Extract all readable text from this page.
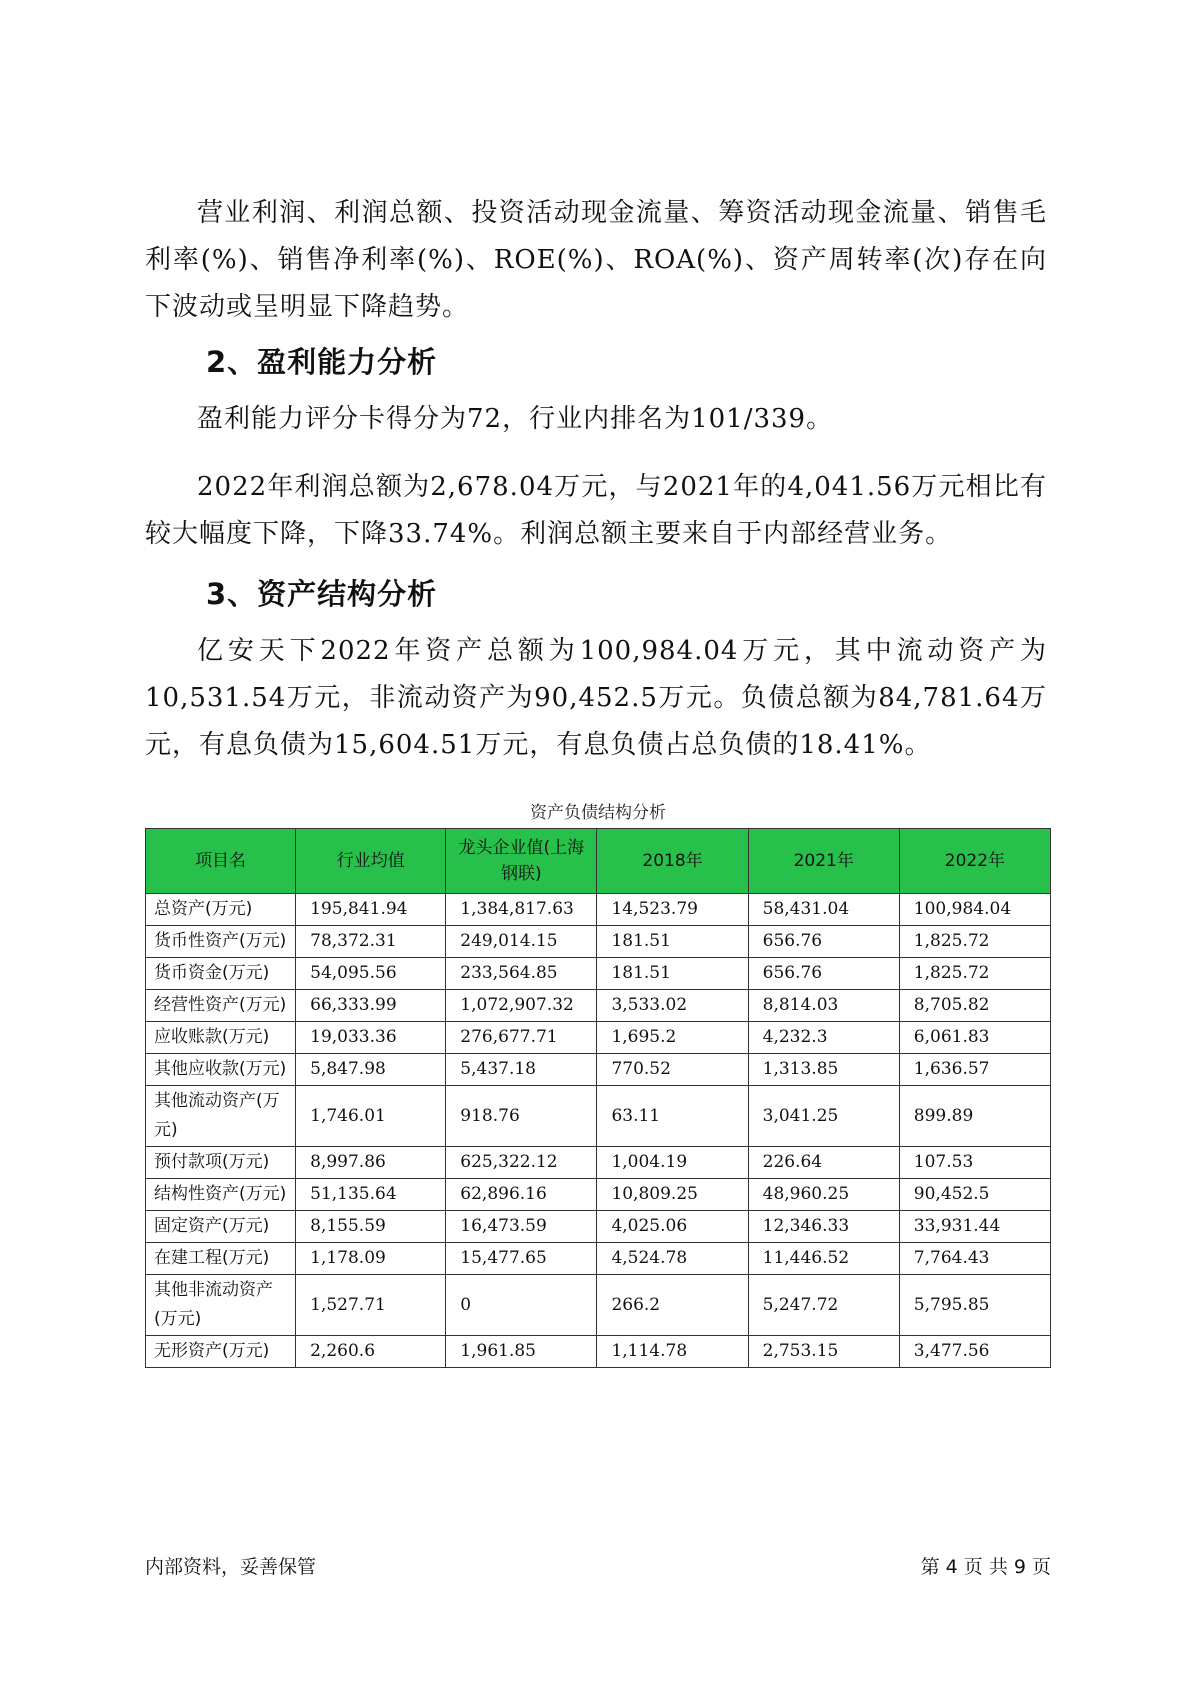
营业利润、利润总额、投资活动现金流量、筹资活动现金流量、销售毛利率(%)、销售净利率(%)、ROE(%)、ROA(%)、资产周转率(次)存在向下波动或呈明显下降趋势。

2、盈利能力分析

盈利能力评分卡得分为72，行业内排名为101/339。

2022年利润总额为2,678.04万元，与2021年的4,041.56万元相比有较大幅度下降，下降33.74%。利润总额主要来自于内部经营业务。

3、资产结构分析

亿安天下2022年资产总额为100,984.04万元，其中流动资产为10,531.54万元，非流动资产为90,452.5万元。负债总额为84,781.64万元，有息负债为15,604.51万元，有息负债占总负债的18.41%。

资产负债结构分析
项目名	行业均值	龙头企业值(上海钢联)	2018年	2021年	2022年
总资产(万元)	195,841.94	1,384,817.63	14,523.79	58,431.04	100,984.04
货币性资产(万元)	78,372.31	249,014.15	181.51	656.76	1,825.72
货币资金(万元)	54,095.56	233,564.85	181.51	656.76	1,825.72
经营性资产(万元)	66,333.99	1,072,907.32	3,533.02	8,814.03	8,705.82
应收账款(万元)	19,033.36	276,677.71	1,695.2	4,232.3	6,061.83
其他应收款(万元)	5,847.98	5,437.18	770.52	1,313.85	1,636.57
其他流动资产(万元)	1,746.01	918.76	63.11	3,041.25	899.89
预付款项(万元)	8,997.86	625,322.12	1,004.19	226.64	107.53
结构性资产(万元)	51,135.64	62,896.16	10,809.25	48,960.25	90,452.5
固定资产(万元)	8,155.59	16,473.59	4,025.06	12,346.33	33,931.44
在建工程(万元)	1,178.09	15,477.65	4,524.78	11,446.52	7,764.43
其他非流动资产(万元)	1,527.71	0	266.2	5,247.72	5,795.85
无形资产(万元)	2,260.6	1,961.85	1,114.78	2,753.15	3,477.56
内部资料，妥善保管	第 4 页 共 9 页
